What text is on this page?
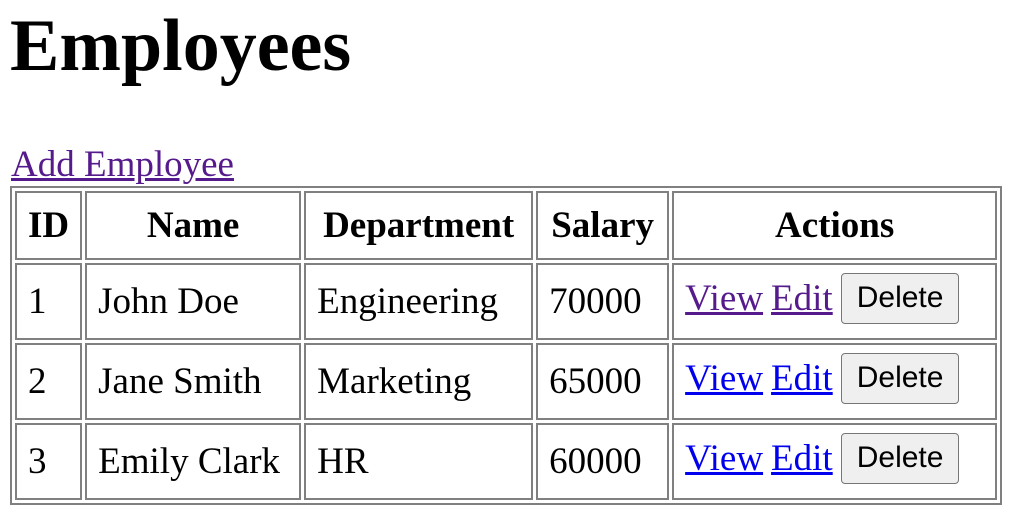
Employees
Add Employee
ID	Name	Department	Salary	Actions
1	John Doe	Engineering	70000	View Edit Delete
2	Jane Smith	Marketing	65000	View Edit Delete
3	Emily Clark	HR	60000	View Edit Delete
